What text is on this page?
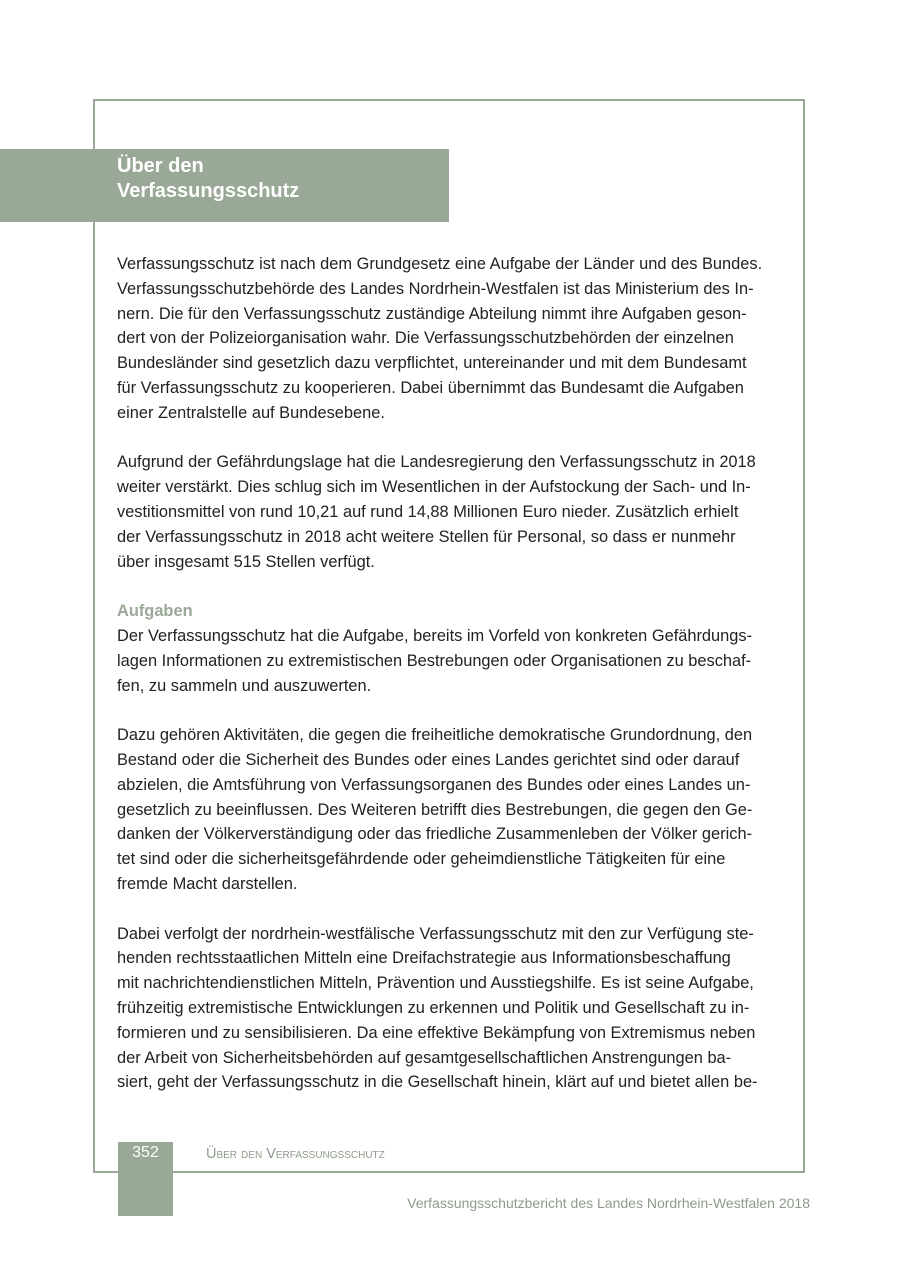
Über den
Verfassungsschutz
Verfassungsschutz ist nach dem Grundgesetz eine Aufgabe der Länder und des Bundes.
Verfassungsschutzbehörde des Landes Nordrhein-Westfalen ist das Ministerium des In-
nern. Die für den Verfassungsschutz zuständige Abteilung nimmt ihre Aufgaben geson-
dert von der Polizeiorganisation wahr. Die Verfassungsschutzbehörden der einzelnen
Bundesländer sind gesetzlich dazu verpflichtet, untereinander und mit dem Bundesamt
für Verfassungsschutz zu kooperieren. Dabei übernimmt das Bundesamt die Aufgaben
einer Zentralstelle auf Bundesebene.
Aufgrund der Gefährdungslage hat die Landesregierung den Verfassungsschutz in 2018
weiter verstärkt. Dies schlug sich im Wesentlichen in der Aufstockung der Sach- und In-
vestitionsmittel von rund 10,21 auf rund 14,88 Millionen Euro nieder. Zusätzlich erhielt
der Verfassungsschutz in 2018 acht weitere Stellen für Personal, so dass er nunmehr
über insgesamt 515 Stellen verfügt.
Aufgaben
Der Verfassungsschutz hat die Aufgabe, bereits im Vorfeld von konkreten Gefährdungs-
lagen Informationen zu extremistischen Bestrebungen oder Organisationen zu beschaf-
fen, zu sammeln und auszuwerten.
Dazu gehören Aktivitäten, die gegen die freiheitliche demokratische Grundordnung, den
Bestand oder die Sicherheit des Bundes oder eines Landes gerichtet sind oder darauf
abzielen, die Amtsführung von Verfassungsorganen des Bundes oder eines Landes un-
gesetzlich zu beeinflussen. Des Weiteren betrifft dies Bestrebungen, die gegen den Ge-
danken der Völkerverständigung oder das friedliche Zusammenleben der Völker gerich-
tet sind oder die sicherheitsgefährdende oder geheimdienstliche Tätigkeiten für eine
fremde Macht darstellen.
Dabei verfolgt der nordrhein-westfälische Verfassungsschutz mit den zur Verfügung ste-
henden rechtsstaatlichen Mitteln eine Dreifachstrategie aus Informationsbeschaffung
mit nachrichtendienstlichen Mitteln, Prävention und Ausstiegshilfe. Es ist seine Aufgabe,
frühzeitig extremistische Entwicklungen zu erkennen und Politik und Gesellschaft zu in-
formieren und zu sensibilisieren. Da eine effektive Bekämpfung von Extremismus neben
der Arbeit von Sicherheitsbehörden auf gesamtgesellschaftlichen Anstrengungen ba-
siert, geht der Verfassungsschutz in die Gesellschaft hinein, klärt auf und bietet allen be-
352	Über den Verfassungsschutz
Verfassungsschutzbericht des Landes Nordrhein-Westfalen 2018
